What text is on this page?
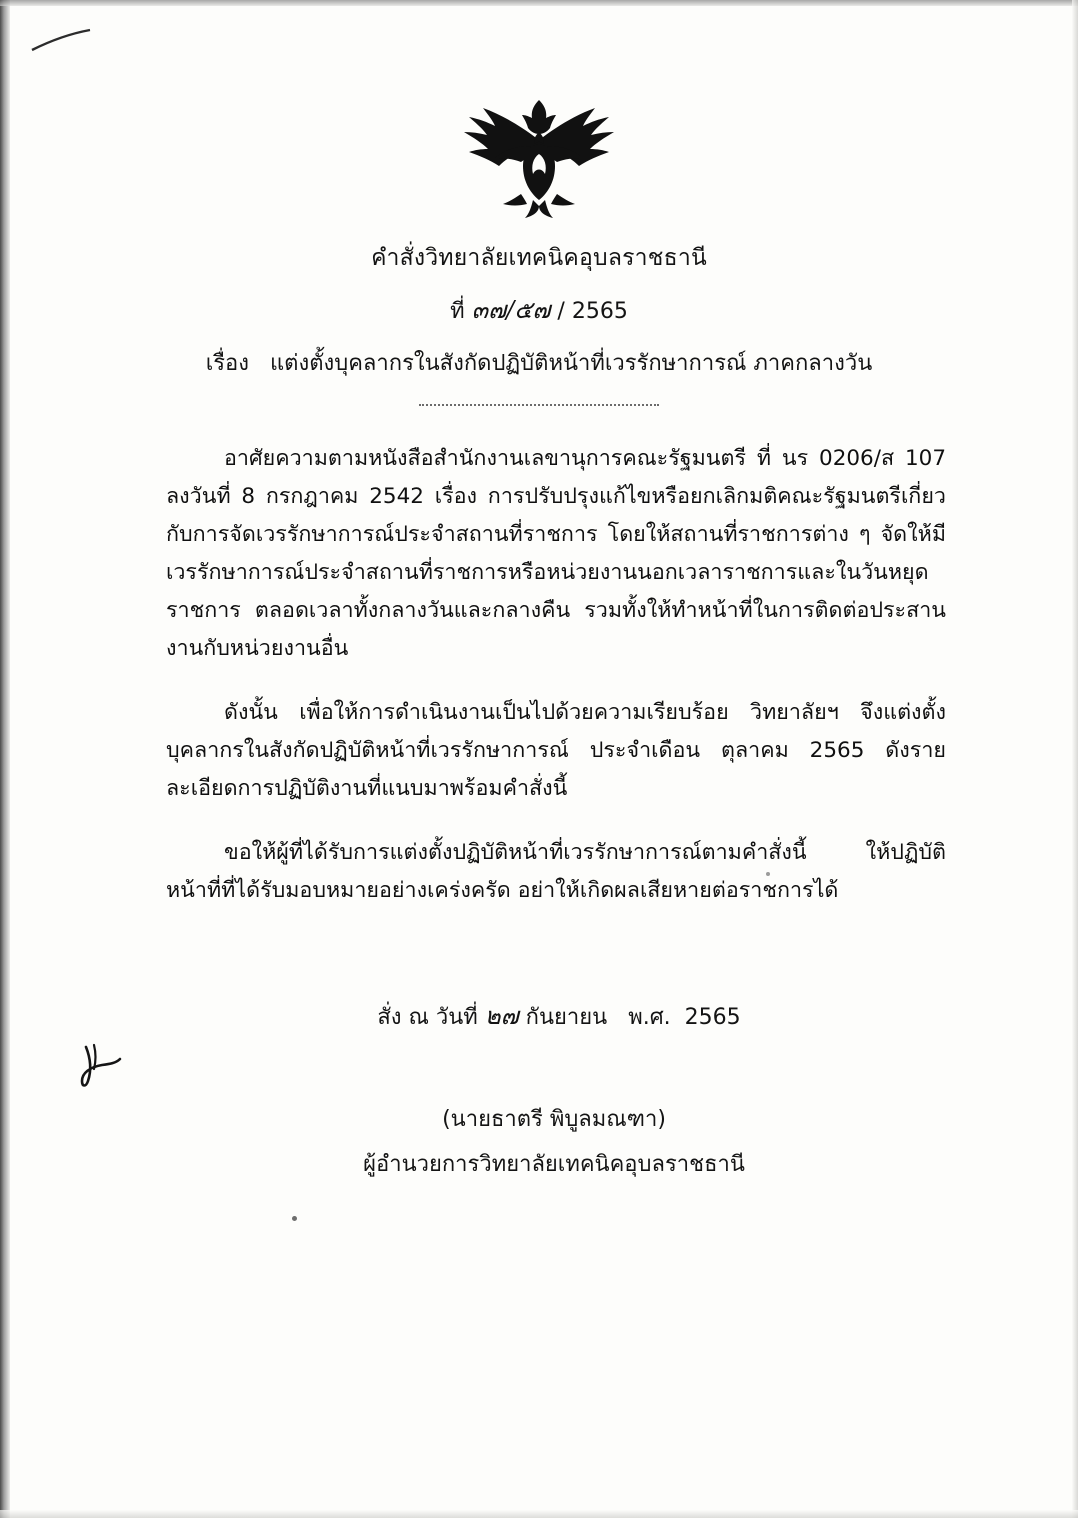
คำสั่งวิทยาลัยเทคนิคอุบลราชธานี
ที่ ๓๗/๕๗ / 2565
เรื่อง แต่งตั้งบุคลากรในสังกัดปฏิบัติหน้าที่เวรรักษาการณ์ ภาคกลางวัน

อาศัยความตามหนังสือสำนักงานเลขานุการคณะรัฐมนตรี ที่ นร 0206/ส 107 ลงวันที่ 8 กรกฎาคม 2542 เรื่อง การปรับปรุงแก้ไขหรือยกเลิกมติคณะรัฐมนตรีเกี่ยวกับการจัดเวรรักษาการณ์ประจำสถานที่ราชการ โดยให้สถานที่ราชการต่าง ๆ จัดให้มีเวรรักษาการณ์ประจำสถานที่ราชการหรือหน่วยงานนอกเวลาราชการและในวันหยุดราชการ ตลอดเวลาทั้งกลางวันและกลางคืน รวมทั้งให้ทำหน้าที่ในการติดต่อประสานงานกับหน่วยงานอื่น

ดังนั้น เพื่อให้การดำเนินงานเป็นไปด้วยความเรียบร้อย วิทยาลัยฯ จึงแต่งตั้งบุคลากรในสังกัดปฏิบัติหน้าที่เวรรักษาการณ์ ประจำเดือน ตุลาคม 2565 ดังรายละเอียดการปฏิบัติงานที่แนบมาพร้อมคำสั่งนี้

ขอให้ผู้ที่ได้รับการแต่งตั้งปฏิบัติหน้าที่เวรรักษาการณ์ตามคำสั่งนี้ ให้ปฏิบัติหน้าที่ที่ได้รับมอบหมายอย่างเคร่งครัด อย่าให้เกิดผลเสียหายต่อราชการได้

สั่ง ณ วันที่ ๒๗ กันยายน พ.ศ. 2565
(นายธาตรี พิบูลมณฑา)
ผู้อำนวยการวิทยาลัยเทคนิคอุบลราชธานี
